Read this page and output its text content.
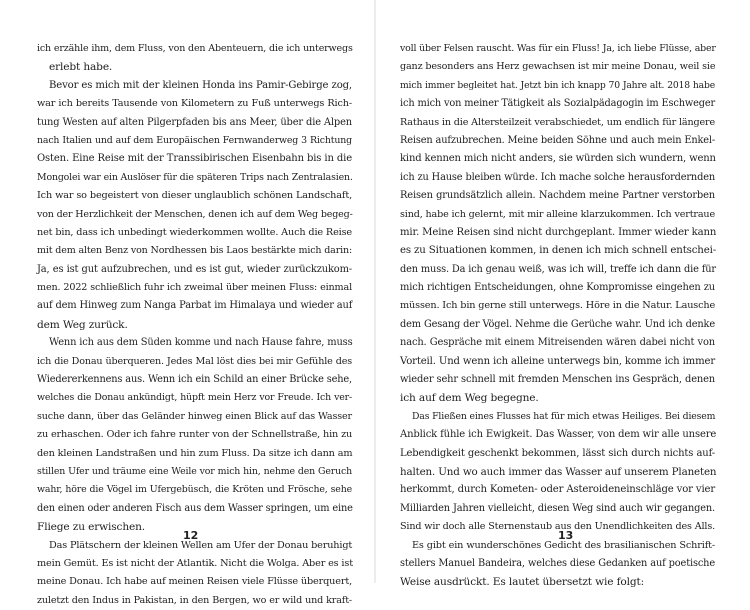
ich erzähle ihm, dem Fluss, von den Abenteuern, die ich unterwegs
erlebt habe.
Bevor es mich mit der kleinen Honda ins Pamir-Gebirge zog,
war ich bereits Tausende von Kilometern zu Fuß unterwegs Rich-
tung Westen auf alten Pilgerpfaden bis ans Meer, über die Alpen
nach Italien und auf dem Europäischen Fernwanderweg 3 Richtung
Osten. Eine Reise mit der Transsibirischen Eisenbahn bis in die
Mongolei war ein Auslöser für die späteren Trips nach Zentralasien.
Ich war so begeistert von dieser unglaublich schönen Landschaft,
von der Herzlichkeit der Menschen, denen ich auf dem Weg begeg-
net bin, dass ich unbedingt wiederkommen wollte. Auch die Reise
mit dem alten Benz von Nordhessen bis Laos bestärkte mich darin:
Ja, es ist gut aufzubrechen, und es ist gut, wieder zurückzukom-
men. 2022 schließlich fuhr ich zweimal über meinen Fluss: einmal
auf dem Hinweg zum Nanga Parbat im Himalaya und wieder auf
dem Weg zurück.
Wenn ich aus dem Süden komme und nach Hause fahre, muss
ich die Donau überqueren. Jedes Mal löst dies bei mir Gefühle des
Wiedererkennens aus. Wenn ich ein Schild an einer Brücke sehe,
welches die Donau ankündigt, hüpft mein Herz vor Freude. Ich ver-
suche dann, über das Geländer hinweg einen Blick auf das Wasser
zu erhaschen. Oder ich fahre runter von der Schnellstraße, hin zu
den kleinen Landstraßen und hin zum Fluss. Da sitze ich dann am
stillen Ufer und träume eine Weile vor mich hin, nehme den Geruch
wahr, höre die Vögel im Ufergebüsch, die Kröten und Frösche, sehe
den einen oder anderen Fisch aus dem Wasser springen, um eine
Fliege zu erwischen.
Das Plätschern der kleinen Wellen am Ufer der Donau beruhigt
mein Gemüt. Es ist nicht der Atlantik. Nicht die Wolga. Aber es ist
meine Donau. Ich habe auf meinen Reisen viele Flüsse überquert,
zuletzt den Indus in Pakistan, in den Bergen, wo er wild und kraft-
12
voll über Felsen rauscht. Was für ein Fluss! Ja, ich liebe Flüsse, aber
ganz besonders ans Herz gewachsen ist mir meine Donau, weil sie
mich immer begleitet hat. Jetzt bin ich knapp 70 Jahre alt. 2018 habe
ich mich von meiner Tätigkeit als Sozialpädagogin im Eschweger
Rathaus in die Altersteilzeit verabschiedet, um endlich für längere
Reisen aufzubrechen. Meine beiden Söhne und auch mein Enkel-
kind kennen mich nicht anders, sie würden sich wundern, wenn
ich zu Hause bleiben würde. Ich mache solche herausfordernden
Reisen grundsätzlich allein. Nachdem meine Partner verstorben
sind, habe ich gelernt, mit mir alleine klarzukommen. Ich vertraue
mir. Meine Reisen sind nicht durchgeplant. Immer wieder kann
es zu Situationen kommen, in denen ich mich schnell entschei-
den muss. Da ich genau weiß, was ich will, treffe ich dann die für
mich richtigen Entscheidungen, ohne Kompromisse eingehen zu
müssen. Ich bin gerne still unterwegs. Höre in die Natur. Lausche
dem Gesang der Vögel. Nehme die Gerüche wahr. Und ich denke
nach. Gespräche mit einem Mitreisenden wären dabei nicht von
Vorteil. Und wenn ich alleine unterwegs bin, komme ich immer
wieder sehr schnell mit fremden Menschen ins Gespräch, denen
ich auf dem Weg begegne.
Das Fließen eines Flusses hat für mich etwas Heiliges. Bei diesem
Anblick fühle ich Ewigkeit. Das Wasser, von dem wir alle unsere
Lebendigkeit geschenkt bekommen, lässt sich durch nichts auf-
halten. Und wo auch immer das Wasser auf unserem Planeten
herkommt, durch Kometen- oder Asteroideneinschläge vor vier
Milliarden Jahren vielleicht, diesen Weg sind auch wir gegangen.
Sind wir doch alle Sternenstaub aus den Unendlichkeiten des Alls.
Es gibt ein wunderschönes Gedicht des brasilianischen Schrift-
stellers Manuel Bandeira, welches diese Gedanken auf poetische
Weise ausdrückt. Es lautet übersetzt wie folgt:
13
